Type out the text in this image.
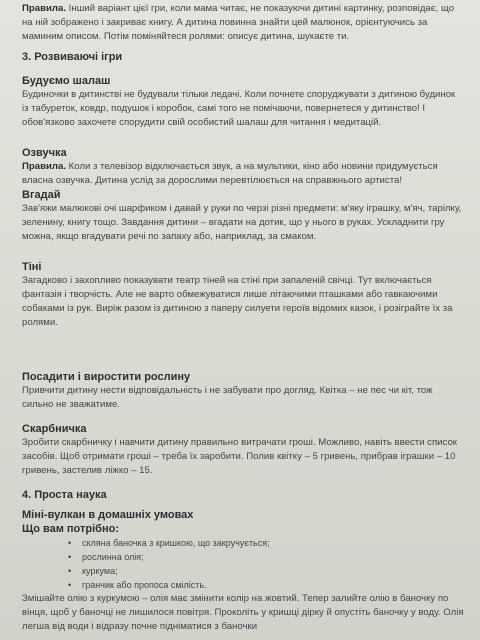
Правила. Інший варіант цієї гри, коли мама читає, не показуючи дитині картинку, розповідає, що на ній зображено і закриває книгу. А дитина повинна знайти цей малюнок, орієнтуючись за маминим описом. Потім поміняйтеся ролями: описує дитина, шукаєте ти.

3. Розвиваючі ігри

Будуємо шалаш

Будиночки в дитинстві не будували тільки ледачі. Коли почнете споруджувати з дитиною будинок із табуреток, ковдр, подушок і коробок, самі того не помічаючи, повернетеся у дитинство! І обов'язково захочете спорудити свій особистий шалаш для читання і медитацій.

Озвучка

Правила. Коли з телевізор відключається звук, а на мультики, кіно або новини придумується власна озвучка. Дитина услід за дорослими перевтілюється на справжнього артиста!

Вгадай

Зав'яжи малюкові очі шарфиком і давай у руки по черзі різні предмети: м'яку іграшку, м'яч, тарілку, зеленину, книгу тощо. Завдання дитини – вгадати на дотик, що у нього в руках. Ускладнити гру можна, якщо вгадувати речі по запаху або, наприклад, за смаком.

Тіні

Загадково і захопливо показувати театр тіней на стіні при запаленій свічці. Тут включається фантазія і творчість. Але не варто обмежуватися лише літаючими пташками або гавкаючими собаками із рук. Виріж разом із дитиною з паперу силуети героїв відомих казок, і розіграйте їх за ролями.

Посадити і виростити рослину

Привчити дитину нести відповідальність і не забувати про догляд. Квітка – не пес чи кіт, тож сильно не зважатиме.

Скарбничка

Зробити скарбничку і навчити дитину правильно витрачати гроші. Можливо, навіть ввести список засобів. Щоб отримати гроші – треба їх заробити. Полив квітку – 5 гривень, прибрав іграшки – 10 гривень, застелив ліжко – 15.

4. Проста наука

Міні-вулкан в домашніх умовах

Що вам потрібно:

• скляна баночка з кришкою, що закручується;
• рослинна олія;
• куркума;
• гранчик або пропоса смілість.

Змішайте олію з куркумою – олія має змінити колір на жовтий. Тепер залийте олію в баночку по вінця, щоб у баночці не лишилося повітря. Проколіть у кришці дірку й опустіть баночку у воду. Олія легша від води і відразу почне підніматися з баночки
